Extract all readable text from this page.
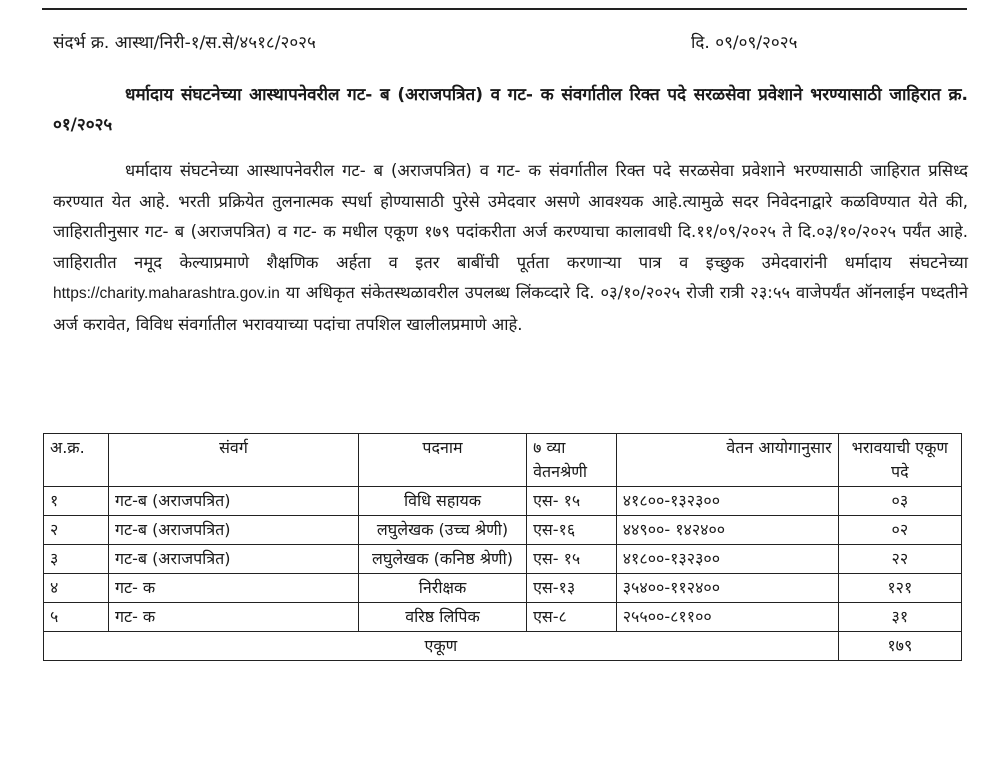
संदर्भ क्र. आस्था/निरी-१/स.से/४५१८/२०२५	दि. ०९/०९/२०२५
धर्मादाय संघटनेच्या आस्थापनेवरील गट- ब (अराजपत्रित) व गट- क संवर्गातील रिक्त पदे सरळसेवा प्रवेशाने भरण्यासाठी जाहिरात क्र. ०१/२०२५
धर्मादाय संघटनेच्या आस्थापनेवरील गट- ब (अराजपत्रित) व गट- क संवर्गातील रिक्त पदे सरळसेवा प्रवेशाने भरण्यासाठी जाहिरात प्रसिध्द करण्यात येत आहे. भरती प्रक्रियेत तुलनात्मक स्पर्धा होण्यासाठी पुरेसे उमेदवार असणे आवश्यक आहे.त्यामुळे सदर निवेदनाद्वारे कळविण्यात येते की, जाहिरातीनुसार गट- ब (अराजपत्रित) व गट- क मधील एकूण १७९ पदांकरीता अर्ज करण्याचा कालावधी दि.११/०९/२०२५ ते दि.०३/१०/२०२५ पर्यंत आहे. जाहिरातीत नमूद केल्याप्रमाणे शैक्षणिक अर्हता व इतर बाबींची पूर्तता करणाऱ्या पात्र व इच्छुक उमेदवारांनी धर्मादाय संघटनेच्या https://charity.maharashtra.gov.in या अधिकृत संकेतस्थळावरील उपलब्ध लिंकव्दारे दि. ०३/१०/२०२५ रोजी रात्री २३:५५ वाजेपर्यंत ऑनलाईन पध्दतीने अर्ज करावेत, विविध संवर्गातील भरावयाच्या पदांचा तपशिल खालीलप्रमाणे आहे.
अ.क्र.	संवर्ग	पदनाम	७ व्या वेतनश्रेणी	वेतन आयोगानुसार	भरावयाची एकूण पदे
१	गट-ब (अराजपत्रित)	विधि सहायक	एस- १५	४१८००-१३२३००	०३
२	गट-ब (अराजपत्रित)	लघुलेखक (उच्च श्रेणी)	एस-१६	४४९००- १४२४००	०२
३	गट-ब (अराजपत्रित)	लघुलेखक (कनिष्ठ श्रेणी)	एस- १५	४१८००-१३२३००	२२
४	गट- क	निरीक्षक	एस-१३	३५४००-११२४००	१२१
५	गट- क	वरिष्ठ लिपिक	एस-८	२५५००-८११००	३१
एकूण					१७९
